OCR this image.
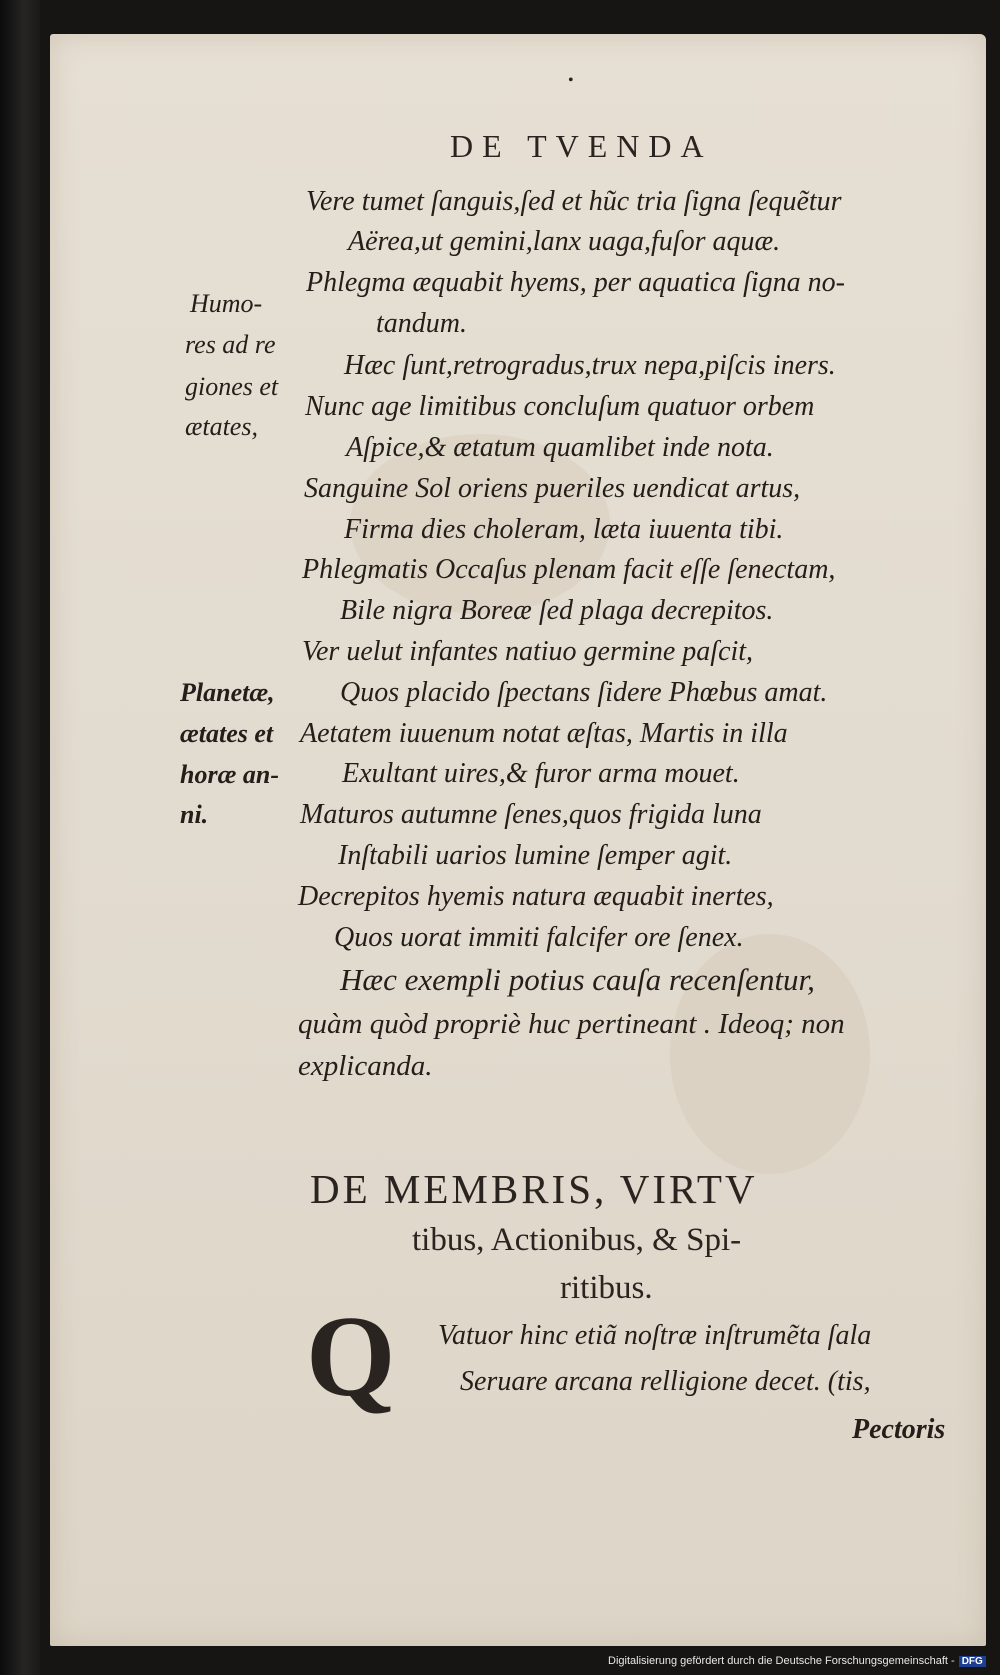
•
DE TVENDA
Vere tumet ſanguis,ſed et hũc tria ſigna ſequẽtur
Aërea,ut gemini,lanx uaga,fuſor aquæ.
Phlegma æquabit hyems, per aquatica ſigna no-
tandum.
Hæc ſunt,retrogradus,trux nepa,piſcis iners.
Nunc age limitibus concluſum quatuor orbem
Aſpice,& ætatum quamlibet inde nota.
Sanguine Sol oriens pueriles uendicat artus,
Firma dies choleram, læta iuuenta tibi.
Phlegmatis Occaſus plenam facit eſſe ſenectam,
Bile nigra Boreæ ſed plaga decrepitos.
Ver uelut infantes natiuo germine paſcit,
Quos placido ſpectans ſidere Phœbus amat.
Aetatem iuuenum notat æſtas, Martis in illa
Exultant uires,& furor arma mouet.
Maturos autumne ſenes,quos frigida luna
Inſtabili uarios lumine ſemper agit.
Decrepitos hyemis natura æquabit inertes,
Quos uorat immiti falcifer ore ſenex.
Hæc exempli potius cauſa recenſentur,
quàm quòd propriè huc pertineant . Ideoq; non
explicanda.
Humo-
res ad re
giones et
ætates,
Planetæ,
ætates et
horæ an-
ni.
DE MEMBRIS, VIRTV
tibus, Actionibus, & Spi-
ritibus.
Q Vatuor hinc etiã noſtræ inſtrumẽta ſala
Seruare arcana relligione decet. (tis,
Pectoris
Digitalisierung gefördert durch die Deutsche Forschungsgemeinschaft - DFG
